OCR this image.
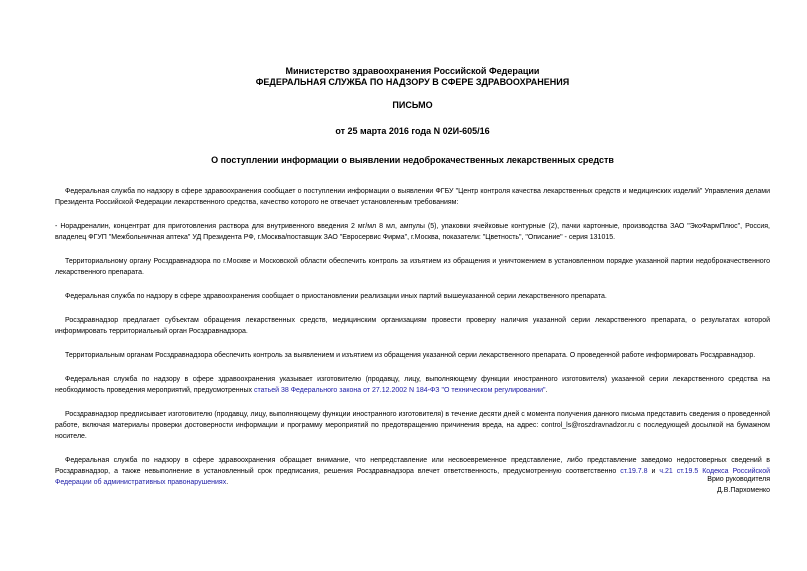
Министерство здравоохранения Российской Федерации
ФЕДЕРАЛЬНАЯ СЛУЖБА ПО НАДЗОРУ В СФЕРЕ ЗДРАВООХРАНЕНИЯ
ПИСЬМО
от 25 марта 2016 года N 02И-605/16
О поступлении информации о выявлении недоброкачественных лекарственных средств

Федеральная служба по надзору в сфере здравоохранения сообщает о поступлении информации о выявлении ФГБУ "Центр контроля качества лекарственных средств и медицинских изделий" Управления делами Президента Российской Федерации лекарственного средства, качество которого не отвечает установленным требованиям:

- Норадреналин, концентрат для приготовления раствора для внутривенного введения 2 мг/мл 8 мл, ампулы (5), упаковки ячейковые контурные (2), пачки картонные, производства ЗАО "ЭкоФармПлюс", Россия, владелец ФГУП "Межбольничная аптека" УД Президента РФ, г.Москва/поставщик ЗАО "Евросервис Фирма", г.Москва, показатели: "Цветность", "Описание" - серия 131015.

Территориальному органу Росздравнадзора по г.Москве и Московской области обеспечить контроль за изъятием из обращения и уничтожением в установленном порядке указанной партии недоброкачественного лекарственного препарата.

Федеральная служба по надзору в сфере здравоохранения сообщает о приостановлении реализации иных партий вышеуказанной серии лекарственного препарата.

Росздравнадзор предлагает субъектам обращения лекарственных средств, медицинским организациям провести проверку наличия указанной серии лекарственного препарата, о результатах которой информировать территориальный орган Росздравнадзора.

Территориальным органам Росздравнадзора обеспечить контроль за выявлением и изъятием из обращения указанной серии лекарственного препарата. О проведенной работе информировать Росздравнадзор.

Федеральная служба по надзору в сфере здравоохранения указывает изготовителю (продавцу, лицу, выполняющему функции иностранного изготовителя) указанной серии лекарственного средства на необходимость проведения мероприятий, предусмотренных статьей 38 Федерального закона от 27.12.2002 N 184-ФЗ "О техническом регулировании".

Росздравнадзор предписывает изготовителю (продавцу, лицу, выполняющему функции иностранного изготовителя) в течение десяти дней с момента получения данного письма представить сведения о проведенной работе, включая материалы проверки достоверности информации и программу мероприятий по предотвращению причинения вреда, на адрес: control_ls@roszdravnadzor.ru с последующей досылкой на бумажном носителе.

Федеральная служба по надзору в сфере здравоохранения обращает внимание, что непредставление или несвоевременное представление, либо представление заведомо недостоверных сведений в Росздравнадзор, а также невыполнение в установленный срок предписания, решения Росздравнадзора влечет ответственность, предусмотренную соответственно ст.19.7.8 и ч.21 ст.19.5 Кодекса Российской Федерации об административных правонарушениях.	Врио руководителя
Д.В.Пархоменко
